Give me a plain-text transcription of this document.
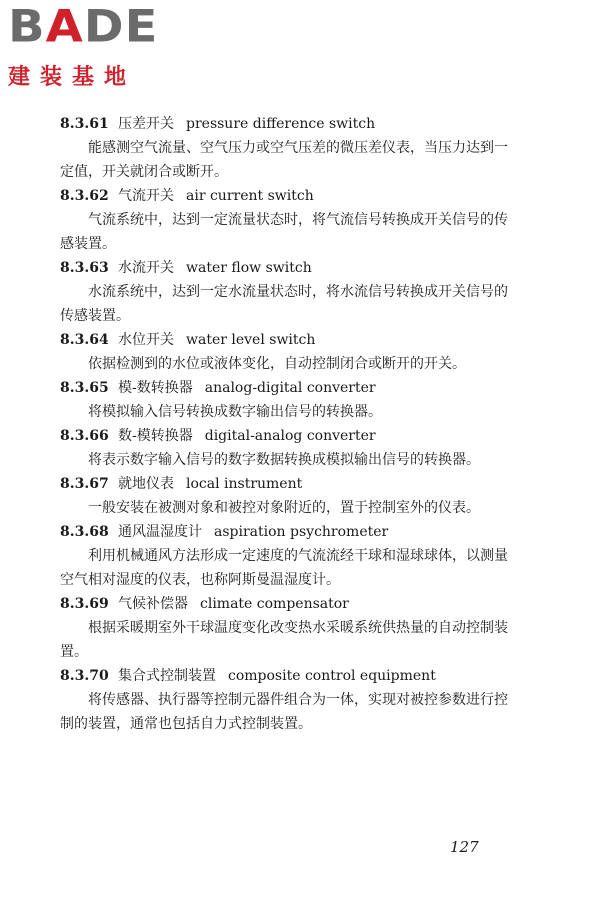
BADE
建装基地
8.3.61 压差开关 pressure difference switch

能感测空气流量、空气压力或空气压差的微压差仪表，当压力达到一定值，开关就闭合或断开。

8.3.62 气流开关 air current switch

气流系统中，达到一定流量状态时，将气流信号转换成开关信号的传感装置。

8.3.63 水流开关 water flow switch

水流系统中，达到一定水流量状态时，将水流信号转换成开关信号的传感装置。

8.3.64 水位开关 water level switch

依据检测到的水位或液体变化，自动控制闭合或断开的开关。

8.3.65 模-数转换器 analog-digital converter

将模拟输入信号转换成数字输出信号的转换器。

8.3.66 数-模转换器 digital-analog converter

将表示数字输入信号的数字数据转换成模拟输出信号的转换器。

8.3.67 就地仪表 local instrument

一般安装在被测对象和被控对象附近的，置于控制室外的仪表。

8.3.68 通风温湿度计 aspiration psychrometer

利用机械通风方法形成一定速度的气流流经干球和湿球球体，以测量空气相对湿度的仪表，也称阿斯曼温湿度计。

8.3.69 气候补偿器 climate compensator

根据采暖期室外干球温度变化改变热水采暖系统供热量的自动控制装置。

8.3.70 集合式控制装置 composite control equipment

将传感器、执行器等控制元器件组合为一体，实现对被控参数进行控制的装置，通常也包括自力式控制装置。

127
